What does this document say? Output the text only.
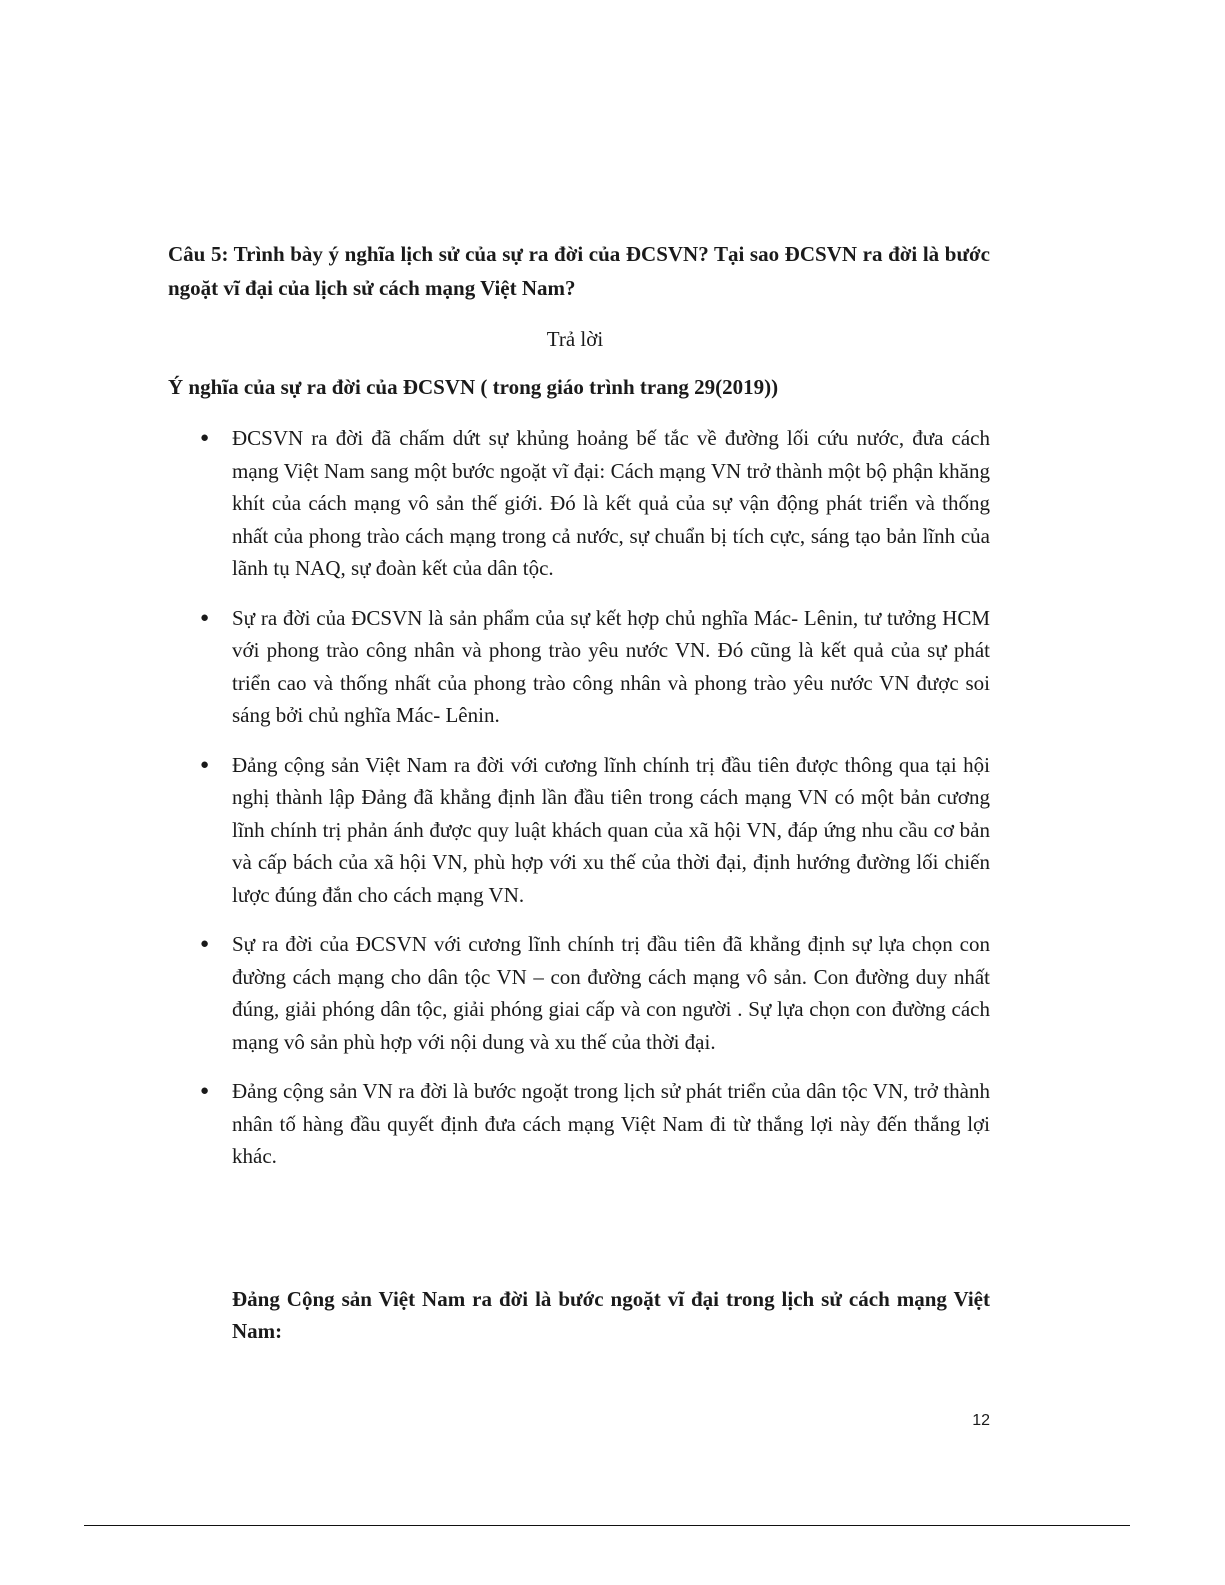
Câu 5: Trình bày ý nghĩa lịch sử của sự ra đời của ĐCSVN? Tại sao ĐCSVN ra đời là bước ngoặt vĩ đại của lịch sử cách mạng Việt Nam?
Trả lời
Ý nghĩa của sự ra đời của ĐCSVN ( trong giáo trình trang 29(2019))
● ĐCSVN ra đời đã chấm dứt sự khủng hoảng bế tắc về đường lối cứu nước, đưa cách mạng Việt Nam sang một bước ngoặt vĩ đại: Cách mạng VN trở thành một bộ phận khăng khít của cách mạng vô sản thế giới. Đó là kết quả của sự vận động phát triển và thống nhất của phong trào cách mạng trong cả nước, sự chuẩn bị tích cực, sáng tạo bản lĩnh của lãnh tụ NAQ, sự đoàn kết của dân tộc.
● Sự ra đời của ĐCSVN là sản phẩm của sự kết hợp chủ nghĩa Mác- Lênin, tư tưởng HCM với phong trào công nhân và phong trào yêu nước VN. Đó cũng là kết quả của sự phát triển cao và thống nhất của phong trào công nhân và phong trào yêu nước VN được soi sáng bởi chủ nghĩa Mác- Lênin.
● Đảng cộng sản Việt Nam ra đời với cương lĩnh chính trị đầu tiên được thông qua tại hội nghị thành lập Đảng đã khẳng định lần đầu tiên trong cách mạng VN có một bản cương lĩnh chính trị phản ánh được quy luật khách quan của xã hội VN, đáp ứng nhu cầu cơ bản và cấp bách của xã hội VN, phù hợp với xu thế của thời đại, định hướng đường lối chiến lược đúng đắn cho cách mạng VN.
● Sự ra đời của ĐCSVN với cương lĩnh chính trị đầu tiên đã khẳng định sự lựa chọn con đường cách mạng cho dân tộc VN – con đường cách mạng vô sản. Con đường duy nhất đúng, giải phóng dân tộc, giải phóng giai cấp và con người . Sự lựa chọn con đường cách mạng vô sản phù hợp với nội dung và xu thế của thời đại.
● Đảng cộng sản VN ra đời là bước ngoặt trong lịch sử phát triển của dân tộc VN, trở thành nhân tố hàng đầu quyết định đưa cách mạng Việt Nam đi từ thắng lợi này đến thắng lợi khác.
Đảng Cộng sản Việt Nam ra đời là bước ngoặt vĩ đại trong lịch sử cách mạng Việt Nam:
12
